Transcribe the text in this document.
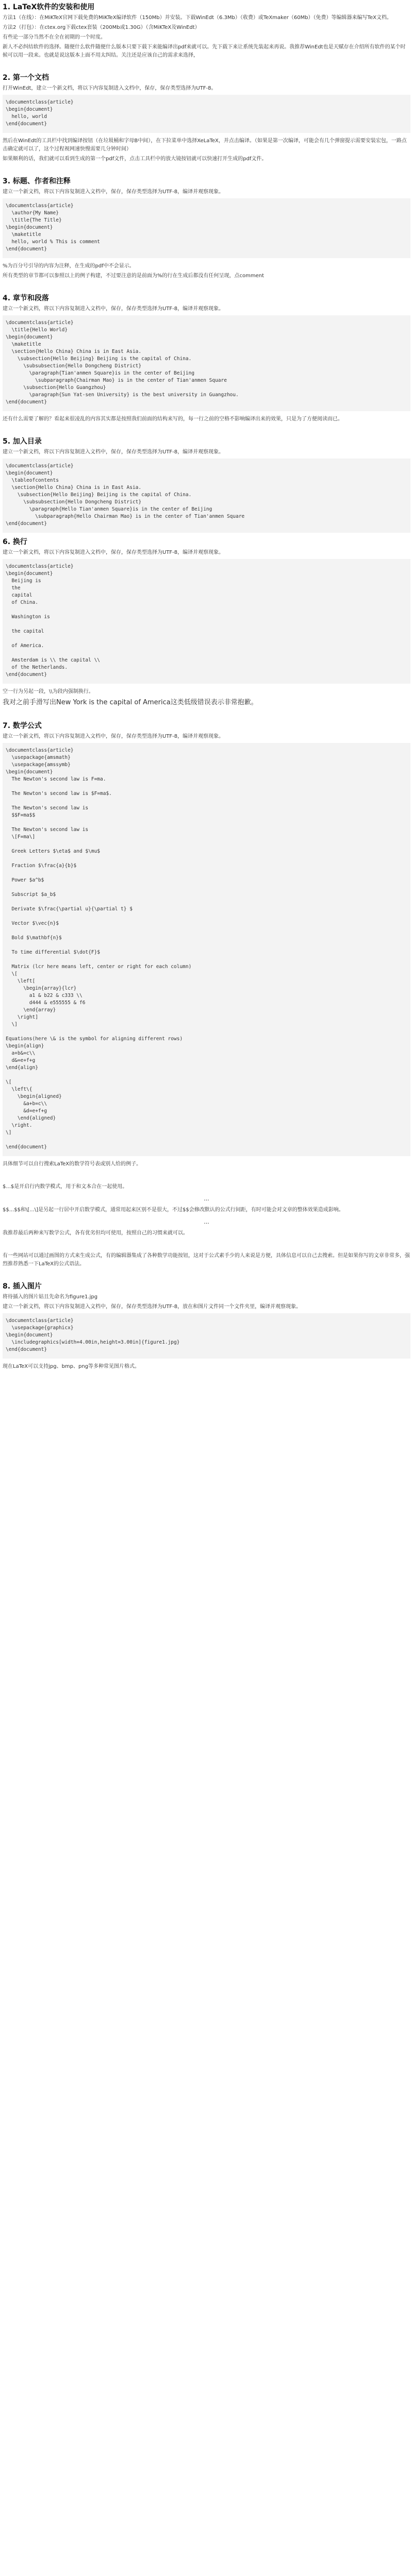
1. LaTeX软件的安装和使用

方法1（在线）：在MiKTeX官网下载免费的MiKTeX编译软件（150Mb）并安装。下载WinEdt（6.3Mb）（收费）或TeXmaker（60Mb）（免费）等编辑器来编写TeX文档。

方法2（打包）：在ctex.org下载ctex套装（200Mb或1.30G）（含MiKTeX及WinEdt）

有些论一部分当然不在全在初期的一个时度。

新人不必纠结软件的选择。随便什么软件随便什么版本只要下载下来能编译出pdf来就可以。先下载下来让系统先装起来再说。我推荐WinEdt也是天赋存在介绍所有软件的某个时候可以用一段来。也就是说这版本上面不用太纠结。关注还是应该自己的需求来选择，

2. 第一个文档

打开WinEdt，建立一个新文档，将以下内容复制进入文档中，保存，保存类型选择为UTF-8。

\documentclass{article}
\begin{document}
hello, world
\end{document}

然后在WinEdt的工具栏中找到编译按钮（在垃圾桶和字母B中间），在下拉菜单中选择XeLaTeX，并点击编译。（如果是第一次编译，可能会有几个弹窗提示需要安装宏包，一路点击确定就可以了，这个过程视网速快慢需要几分钟时间）

如果顺利的话，我们就可以看到生成的第一个pdf文件，点击工具栏中的放大镜按钮就可以快速打开生成的pdf文件。

3. 标题、作者和注释

建立一个新文档，将以下内容复制进入文档中，保存，保存类型选择为UTF-8，编译并观察现象。

\documentclass{article}
\author{My Name}
\title{The Title}
\begin{document}
\maketitle
hello, world % This is comment
\end{document}

%为百分号引导的内容为注释，在生成的pdf中不会显示。

所有类型的章节都可以参照以上的例子构建，不过要注意的是前面为%的行在生成后都没有任何呈现，点comment

4. 章节和段落

建立一个新文档，将以下内容复制进入文档中，保存，保存类型选择为UTF-8，编译并观察现象。

\documentclass{article}
\title{Hello World}
\begin{document}
\maketitle
\section{Hello China} China is in East Asia.
\subsection{Hello Beijing} Beijing is the capital of China.
\subsubsection{Hello Dongcheng District}
\paragraph{Tian'anmen Square}is in the center of Beijing
\subparagraph{Chairman Mao} is in the center of Tian'anmen Square
\subsection{Hello Guangzhou}
\paragraph{Sun Yat-sen University} is the best university in Guangzhou.
\end{document}

还有什么需要了解的？看起来很凌乱的内容其实都是按照我们前面的结构来写的，每一行之前的空格不影响编译出来的效果，只是为了方便阅读而已。

5. 加入目录

建立一个新文档，将以下内容复制进入文档中，保存，保存类型选择为UTF-8，编译并观察现象。

\documentclass{article}
\begin{document}
\tableofcontents
\section{Hello China} China is in East Asia.
\subsection{Hello Beijing} Beijing is the capital of China.
\subsubsection{Hello Dongcheng District}
\paragraph{Hello Tian'anmen Square}is in the center of Beijing
\subparagraph{Hello Chairman Mao} is in the center of Tian'anmen Square
\end{document}
6. 换行

建立一个新文档，将以下内容复制进入文档中，保存，保存类型选择为UTF-8，编译并观察现象。

\documentclass{article}
\begin{document}
Beijing is
the
capital
of China.

Washington is

the capital

of America.

Amsterdam is \\ the capital \\
of the Netherlands.
\end{document}

空一行为另起一段，\\为段内强制换行。

我对之前手滑写出New York is the capital of America这类低级错误表示非常抱歉。

7. 数学公式

建立一个新文档，将以下内容复制进入文档中，保存，保存类型选择为UTF-8，编译并观察现象。

\documentclass{article}
\usepackage{amsmath}
\usepackage{amssymb}
\begin{document}
The Newton's second law is F=ma.

The Newton's second law is $F=ma$.

The Newton's second law is
$$F=ma$$

The Newton's second law is
\[F=ma\]

Greek Letters $\eta$ and $\mu$

Fraction $\frac{a}{b}$

Power $a^b$

Subscript $a_b$

Derivate $\frac{\partial u}{\partial t} $

Vector $\vec{n}$

Bold $\mathbf{n}$

To time differential $\dot{F}$

Matrix (lcr here means left, center or right for each column)
\[
\left[
\begin{array}{lcr}
a1 & b22 & c333 \\
d444 & e555555 & f6
\end{array}
\right]
\]

Equations(here \& is the symbol for aligning different rows)
\begin{align}
a+b&=c\\
d&=e+f+g
\end{align}

\[
\left\{
\begin{aligned}
&a+b=c\\
&d=e+f+g
\end{aligned}
\right.
\]

\end{document}

具体细节可以自行搜索LaTeX的数学符号表或别人给的例子。

$...$是开启行内数学模式，用于和文本合在一起使用。

...

$$...$$和\[...\]是另起一行居中开启数学模式，通常用起来区别不是很大，不过$$会修改默认的公式行间距，有时可能会对文章的整体效果造成影响。

...

我推荐最后两种来写数学公式，各有优劣但均可使用，按照自己的习惯来就可以。

有一些网站可以通过画图的方式来生成公式，有的编辑器集成了各种数学功能按钮，这对于公式素手少的人来说是方便，具体信息可以自己去搜索。但是如果你写的文章非常多，强烈推荐熟悉一下LaTeX的公式语法。

8. 插入图片

将待插入的图片姑且先命名为figure1.jpg

建立一个新文档，将以下内容复制进入文档中，保存，保存类型选择为UTF-8，放在和图片文件同一个文件夹里，编译并观察现象。

\documentclass{article}
\usepackage{graphicx}
\begin{document}
\includegraphics[width=4.00in,height=3.00in]{figure1.jpg}
\end{document}

现在LaTeX可以支持jpg、bmp、png等多种常见图片格式。
